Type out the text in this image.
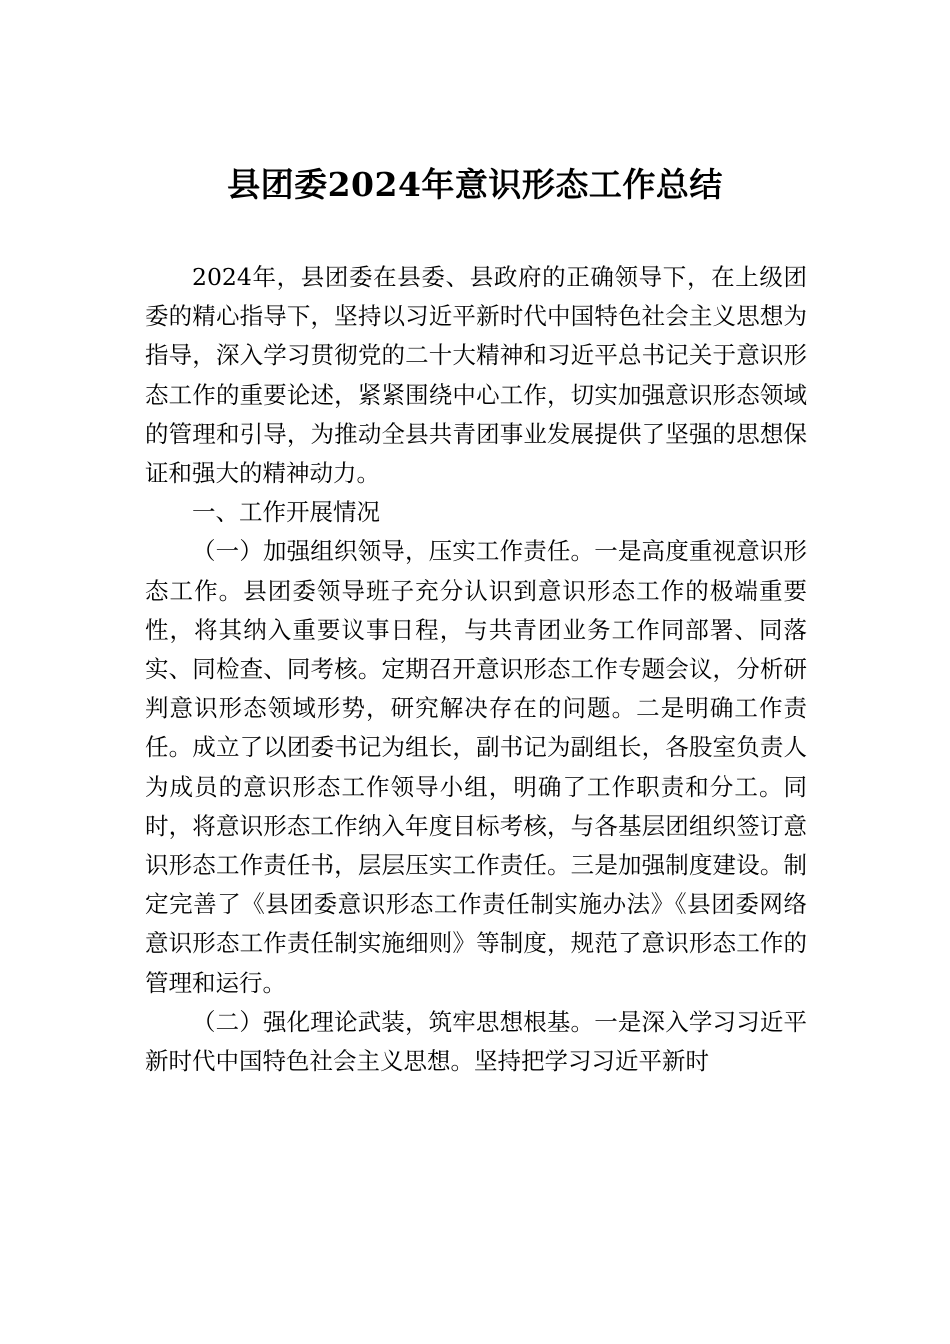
县团委2024年意识形态工作总结

2024年，县团委在县委、县政府的正确领导下，在上级团委的精心指导下，坚持以习近平新时代中国特色社会主义思想为指导，深入学习贯彻党的二十大精神和习近平总书记关于意识形态工作的重要论述，紧紧围绕中心工作，切实加强意识形态领域的管理和引导，为推动全县共青团事业发展提供了坚强的思想保证和强大的精神动力。

一、工作开展情况

（一）加强组织领导，压实工作责任。一是高度重视意识形态工作。县团委领导班子充分认识到意识形态工作的极端重要性，将其纳入重要议事日程，与共青团业务工作同部署、同落实、同检查、同考核。定期召开意识形态工作专题会议，分析研判意识形态领域形势，研究解决存在的问题。二是明确工作责任。成立了以团委书记为组长，副书记为副组长，各股室负责人为成员的意识形态工作领导小组，明确了工作职责和分工。同时，将意识形态工作纳入年度目标考核，与各基层团组织签订意识形态工作责任书，层层压实工作责任。三是加强制度建设。制定完善了《县团委意识形态工作责任制实施办法》《县团委网络意识形态工作责任制实施细则》等制度，规范了意识形态工作的管理和运行。

（二）强化理论武装，筑牢思想根基。一是深入学习习近平新时代中国特色社会主义思想。坚持把学习习近平新时
